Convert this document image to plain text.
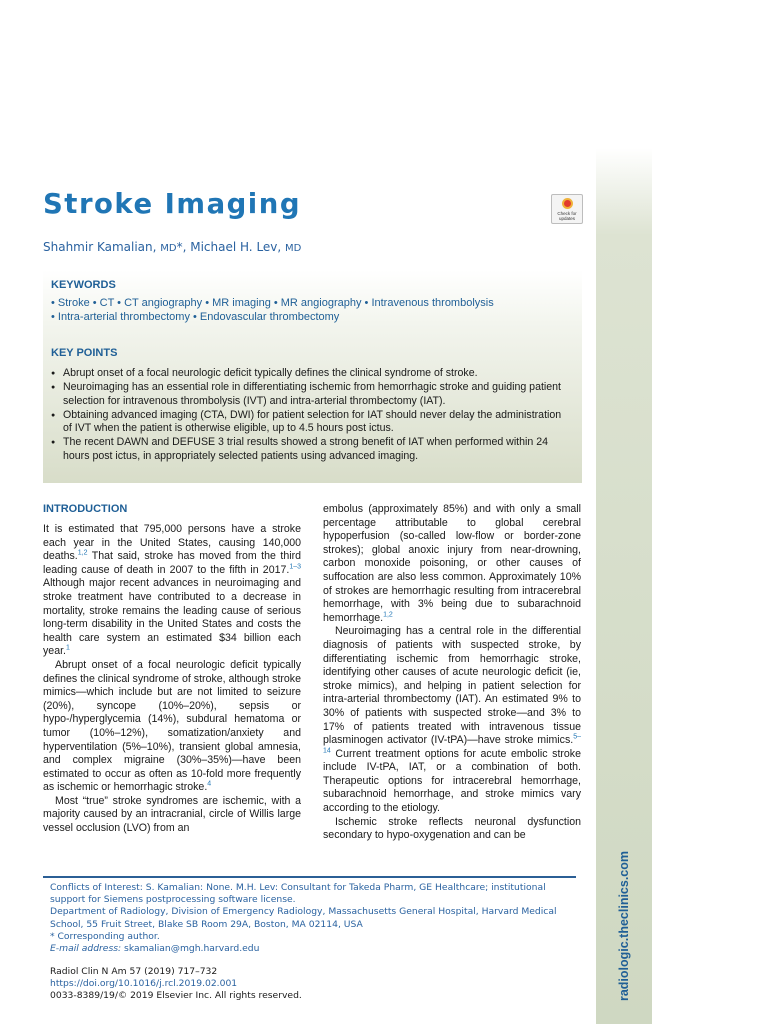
radiologic.theclinics.com
Stroke Imaging	Check for updates
Shahmir Kamalian, MD*, Michael H. Lev, MD
KEYWORDS
• Stroke • CT • CT angiography • MR imaging • MR angiography • Intravenous thrombolysis
• Intra-arterial thrombectomy • Endovascular thrombectomy
KEY POINTS
● Abrupt onset of a focal neurologic deficit typically defines the clinical syndrome of stroke.
● Neuroimaging has an essential role in differentiating ischemic from hemorrhagic stroke and guiding patient selection for intravenous thrombolysis (IVT) and intra-arterial thrombectomy (IAT).
● Obtaining advanced imaging (CTA, DWI) for patient selection for IAT should never delay the administration of IVT when the patient is otherwise eligible, up to 4.5 hours post ictus.
● The recent DAWN and DEFUSE 3 trial results showed a strong benefit of IAT when performed within 24 hours post ictus, in appropriately selected patients using advanced imaging.
INTRODUCTION

It is estimated that 795,000 persons have a stroke each year in the United States, causing 140,000 deaths.$^{1,2}$ That said, stroke has moved from the third leading cause of death in 2007 to the fifth in 2017.$^{1-3}$ Although major recent advances in neuroimaging and stroke treatment have contributed to a decrease in mortality, stroke remains the leading cause of serious long-term disability in the United States and costs the health care system an estimated $34 billion each year.$^1$

Abrupt onset of a focal neurologic deficit typically defines the clinical syndrome of stroke, although stroke mimics—which include but are not limited to seizure (20%), syncope (10%–20%), sepsis or hypo-/hyperglycemia (14%), subdural hematoma or tumor (10%–12%), somatization/anxiety and hyperventilation (5%–10%), transient global amnesia, and complex migraine (30%–35%)—have been estimated to occur as often as 10-fold more frequently as ischemic or hemorrhagic stroke.$^4$

Most “true” stroke syndromes are ischemic, with a majority caused by an intracranial, circle of Willis large vessel occlusion (LVO) from an

embolus (approximately 85%) and with only a small percentage attributable to global cerebral hypoperfusion (so-called low-flow or border-zone strokes); global anoxic injury from near-drowning, carbon monoxide poisoning, or other causes of suffocation are also less common. Approximately 10% of strokes are hemorrhagic resulting from intracerebral hemorrhage, with 3% being due to subarachnoid hemorrhage.$^{1,2}$

Neuroimaging has a central role in the differential diagnosis of patients with suspected stroke, by differentiating ischemic from hemorrhagic stroke, identifying other causes of acute neurologic deficit (ie, stroke mimics), and helping in patient selection for intra-arterial thrombectomy (IAT). An estimated 9% to 30% of patients with suspected stroke—and 3% to 17% of patients treated with intravenous tissue plasminogen activator (IV-tPA)—have stroke mimics.$^{5-14}$ Current treatment options for acute embolic stroke include IV-tPA, IAT, or a combination of both. Therapeutic options for intracerebral hemorrhage, subarachnoid hemorrhage, and stroke mimics vary according to the etiology.

Ischemic stroke reflects neuronal dysfunction secondary to hypo-oxygenation and can be

Conflicts of Interest: S. Kamalian: None. M.H. Lev: Consultant for Takeda Pharm, GE Healthcare; institutional support for Siemens postprocessing software license.

Department of Radiology, Division of Emergency Radiology, Massachusetts General Hospital, Harvard Medical School, 55 Fruit Street, Blake SB Room 29A, Boston, MA 02114, USA

* Corresponding author.

E-mail address: skamalian@mgh.harvard.edu

Radiol Clin N Am 57 (2019) 717–732

https://doi.org/10.1016/j.rcl.2019.02.001

0033-8389/19/© 2019 Elsevier Inc. All rights reserved.
